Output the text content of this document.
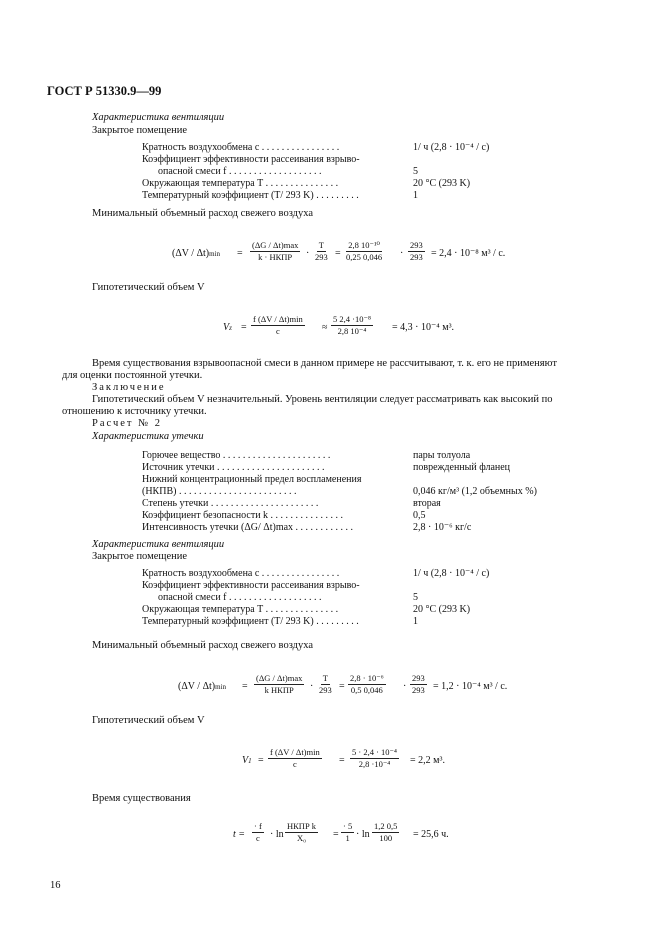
ГОСТ Р 51330.9—99
Характеристика вентиляции
Закрытое помещение
Кратность воздухообмена с . . . . . . . . . . . . . . . .	1/ ч (2,8 · 10⁻⁴ / с)
Коэффициент эффективности рассеивания взрыво-
опасной смеси f . . . . . . . . . . . . . . . . . . .	5
Окружающая температура T . . . . . . . . . . . . . . .	20 °С (293 K)
Температурный коэффициент (T/ 293 K) . . . . . . . . .	1
Минимальный объемный расход свежего воздуха
(ΔV / Δt)min =
(ΔG / Δt)max
k · НКПР ·
T
293 =
2,8 10⁻¹⁰
0,25 0,046 ·
293
293 = 2,4 · 10⁻⁸ м³ / с.
Гипотетический объем V
Vz =
f (ΔV / Δt)min
c	≈
5 2,4 ·10⁻⁸
2,8 10⁻⁴	= 4,3 · 10⁻⁴ м³.
Время существования взрывоопасной смеси в данном примере не рассчитывают, т. к. его не применяют
для оценки постоянной утечки.
Заключение
Гипотетический объем V незначительный. Уровень вентиляции следует рассматривать как высокий по
отношению к источнику утечки.
Расчет № 2
Характеристика утечки
Горючее вещество . . . . . . . . . . . . . . . . . . . . . .	пары толуола
Источник утечки . . . . . . . . . . . . . . . . . . . . . .	поврежденный фланец
Нижний концентрационный предел воспламенения
(НКПВ) . . . . . . . . . . . . . . . . . . . . . . . .	0,046 кг/м³ (1,2 объемных %)
Степень утечки . . . . . . . . . . . . . . . . . . . . . .	вторая
Коэффициент безопасности k . . . . . . . . . . . . . . .	0,5
Интенсивность утечки (ΔG/ Δt)max . . . . . . . . . . . .	2,8 · 10⁻⁶ кг/с
Характеристика вентиляции
Закрытое помещение
Кратность воздухообмена с . . . . . . . . . . . . . . . .	1/ ч (2,8 · 10⁻⁴ / с)
Коэффициент эффективности рассеивания взрыво-
опасной смеси f . . . . . . . . . . . . . . . . . . .	5
Окружающая температура T . . . . . . . . . . . . . . .	20 °С (293 K)
Температурный коэффициент (T/ 293 K) . . . . . . . . .	1
Минимальный объемный расход свежего воздуха
(ΔV / Δt)min =
(ΔG / Δt)max
k НКПР ·
T
293 =
2,8 · 10⁻⁶
0,5 0,046 ·
293
293 = 1,2 · 10⁻⁴ м³ / с.
Гипотетический объем V
V1 =
f (ΔV / Δt)min
c	=
5 · 2,4 · 10⁻⁴
2,8 ·10⁻⁴ = 2,2 м³.
Время существования
t =
· f
c · ln
НКПР k
X₀	=
· 5
1 · ln
1,2 0,5
100 = 25,6 ч.
16
